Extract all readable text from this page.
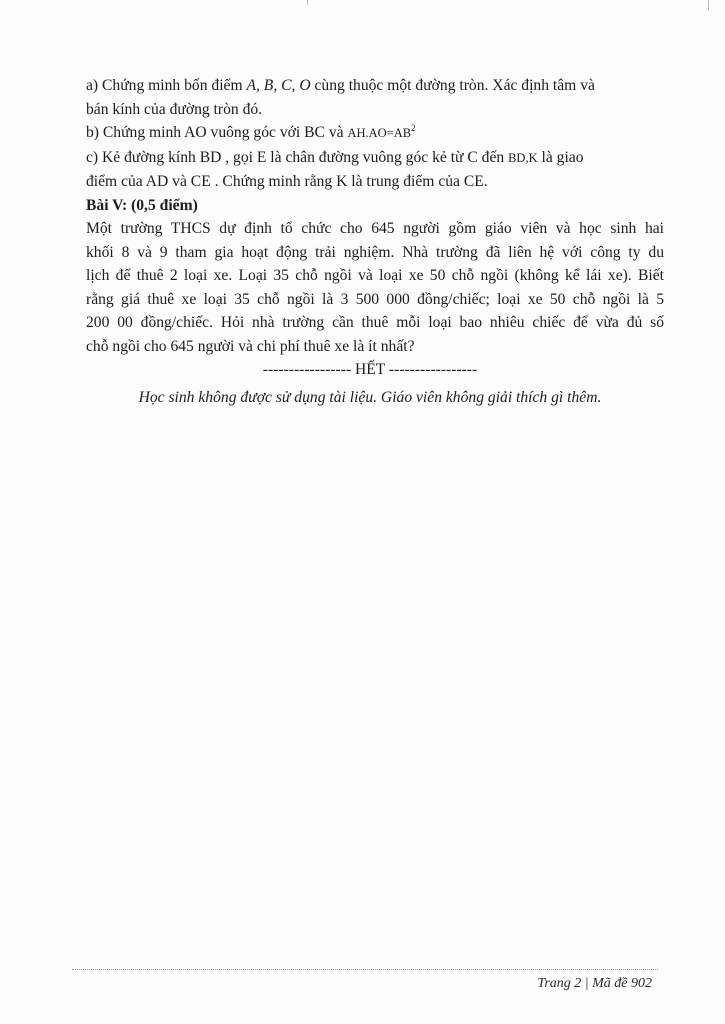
a) Chứng minh bốn điểm A, B, C, O cùng thuộc một đường tròn. Xác định tâm và
bán kính của đường tròn đó.
b) Chứng minh AO vuông góc với BC và $AH.AO=AB^2$
c) Kẻ đường kính BD , gọi E là chân đường vuông góc kẻ từ C đến BD,K là giao
điểm của AD và CE . Chứng minh rằng K là trung điểm của CE.
Bài V: (0,5 điểm)
Một trường THCS dự định tổ chức cho 645 người gồm giáo viên và học sinh hai
khối 8 và 9 tham gia hoạt động trải nghiệm. Nhà trường đã liên hệ với công ty du
lịch để thuê 2 loại xe. Loại 35 chỗ ngồi và loại xe 50 chỗ ngồi (không kể lái xe). Biết
rằng giá thuê xe loại 35 chỗ ngồi là 3 500 000 đồng/chiếc; loại xe 50 chỗ ngồi là 5
200 00 đồng/chiếc. Hỏi nhà trường cần thuê mỗi loại bao nhiêu chiếc để vừa đủ số
chỗ ngồi cho 645 người và chi phí thuê xe là ít nhất?
----------------- HẾT -----------------
Học sinh không được sử dụng tài liệu. Giáo viên không giải thích gì thêm.
Trang 2 | Mã đề 902
